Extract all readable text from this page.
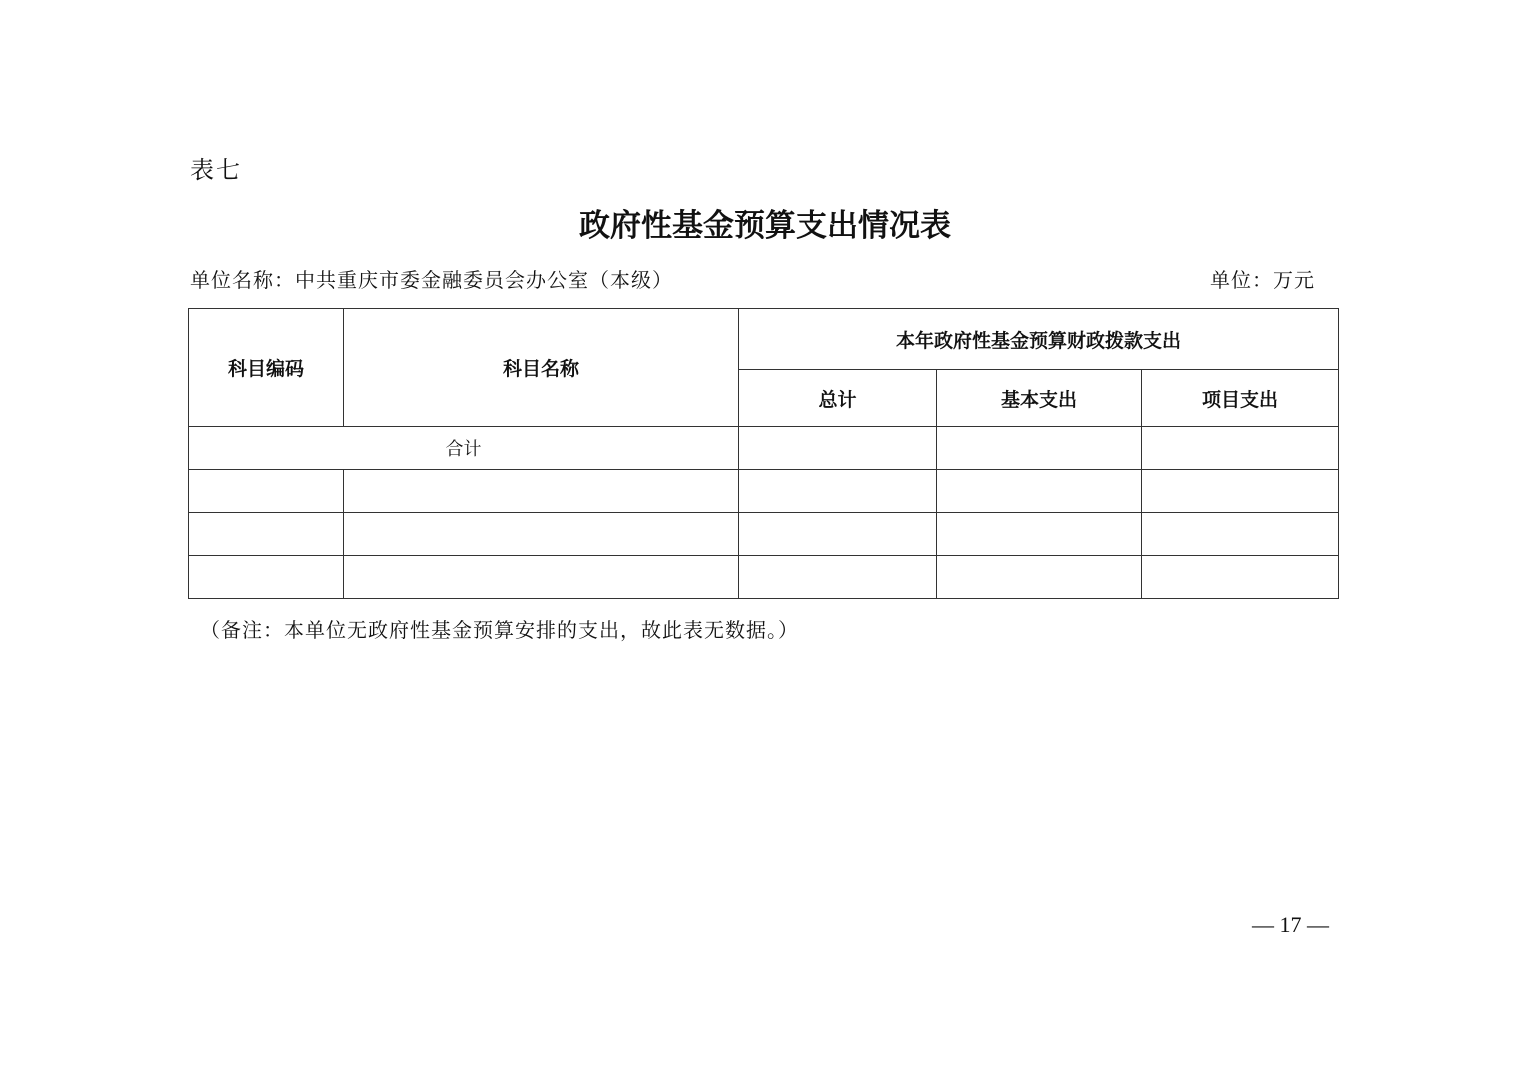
表七
政府性基金预算支出情况表
单位名称：中共重庆市委金融委员会办公室（本级）	单位：万元
科目编码	科目名称	本年政府性基金预算财政拨款支出		
		总计	基本支出	项目支出
合计				

（备注：本单位无政府性基金预算安排的支出，故此表无数据。）
— 17 —
